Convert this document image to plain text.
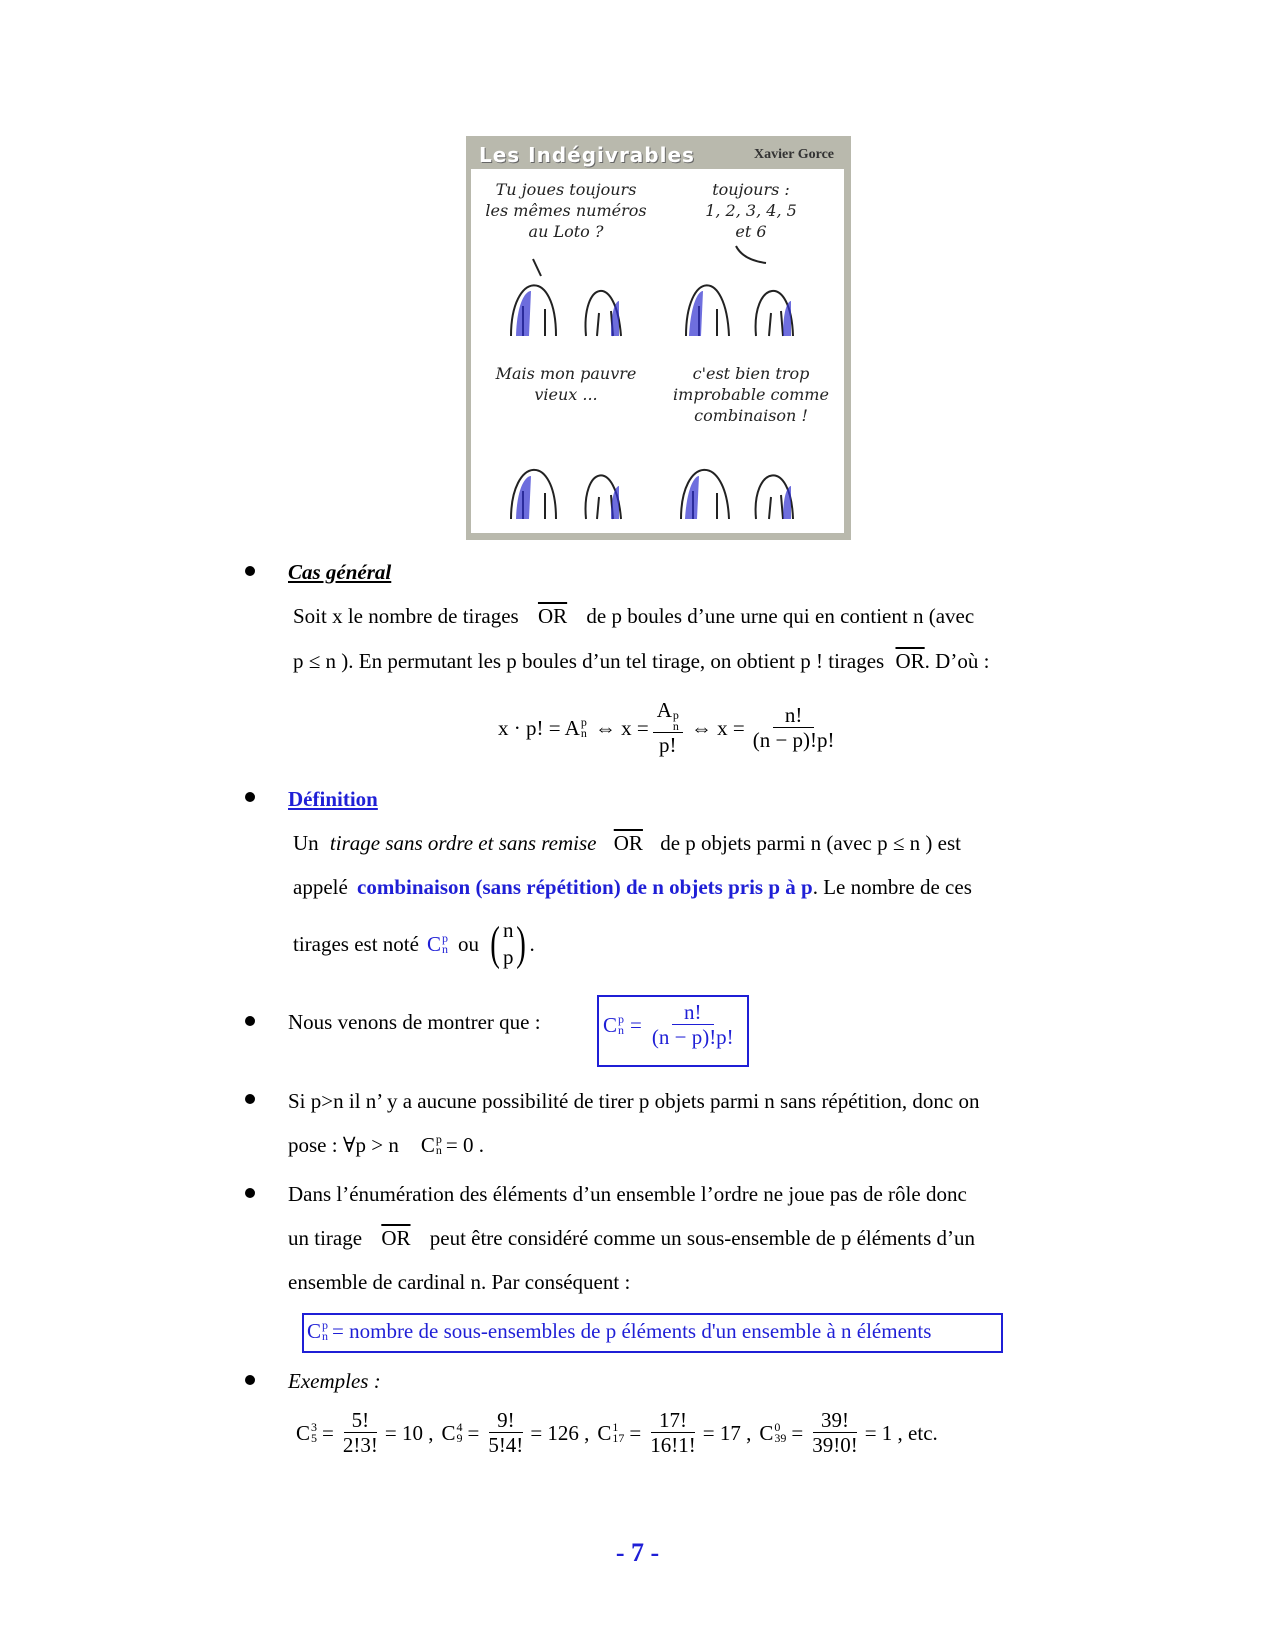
Les Indégivrables	Xavier Gorce
Tu joues toujours
les mêmes numéros
au Loto ?
toujours :
1, 2, 3, 4, 5
et 6
Mais mon pauvre
vieux ...
c'est bien trop
improbable comme
combinaison !
Cas général
Soit x le nombre de tirages $\overline{OR}$ de p boules d’une urne qui en contient n (avec
p ≤ n ). En permutant les p boules d’un tel tirage, on obtient p ! tirages $\overline{OR}$. D’où :
x · p! = A p
n ⇔ x = A p
n
p! ⇔ $x = \frac{n!}{(n - p)!p!}$
Définition
Un tirage sans ordre et sans remise $\overline{OR}$ de p objets parmi n (avec p ≤ n ) est
appelé combinaison (sans répétition) de n objets pris p à p. Le nombre de ces
tirages est noté C p
n ou ( n
p ) .
Nous venons de montrer que :	C p
$n = \frac{n!}{(n - p)!p!}$
Si p>n il n’ y a aucune possibilité de tirer p objets parmi n sans répétition, donc on
pose : ∀p > n C p
n = 0 .
Dans l’énumération des éléments d’un ensemble l’ordre ne joue pas de rôle donc
un tirage $\overline{OR}$ peut être considéré comme un sous-ensemble de p éléments d’un
ensemble de cardinal n. Par conséquent :
C p
n = nombre de sous-ensembles de p éléments d'un ensemble à n éléments
Exemples :
C 3
$5 = \frac{5!}{2!3!} = 10$ , C 4
$9 = \frac{9!}{5!4!} = 126$ , C 1
$17 = \frac{17!}{16!1!} = 17$ , C 0
$39 = \frac{39!}{39!0!} = 1$ , etc.
- 7 -
